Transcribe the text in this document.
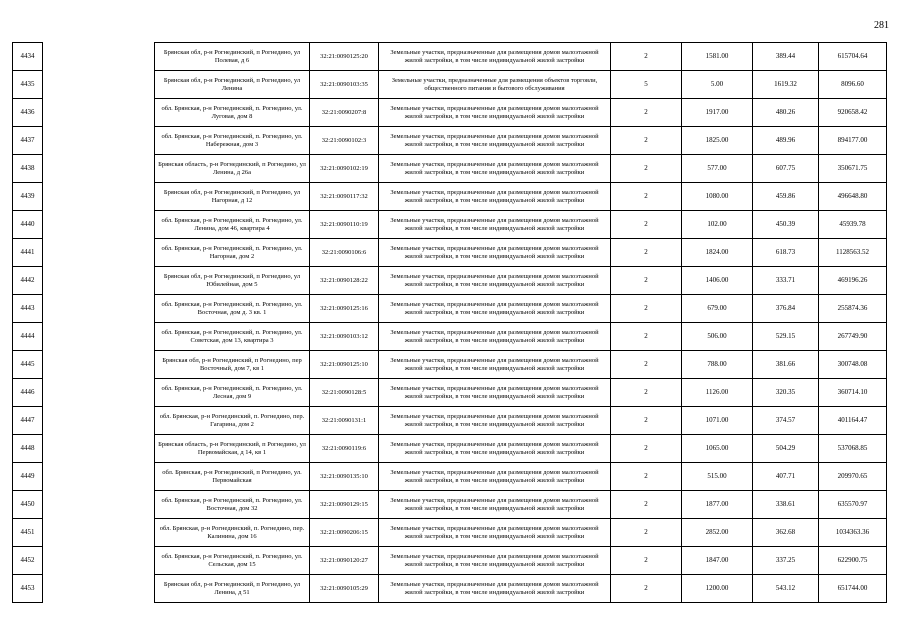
281
4434		Брянская обл, р-н Рогнединский, п Рогнедино, ул Полевая, д 6	32:21:0090125:20	Земельные участки, предназначенные для размещения домов малоэтажной жилой застройки, в том числе индивидуальной жилой застройки	2	1581.00	389.44	615704.64
4435		Брянская обл, р-н Рогнединский, п Рогнедино, ул Ленина	32:21:0090103:35	Земельные участки, предназначенные для размещения объектов торговли, общественного питания и бытового обслуживания	5	5.00	1619.32	8096.60
4436		обл. Брянская, р-н Рогнединский, п. Рогнедино, ул. Луговая, дом 8	32:21:0090207:8	Земельные участки, предназначенные для размещения домов малоэтажной жилой застройки, в том числе индивидуальной жилой застройки	2	1917.00	480.26	920658.42
4437		обл. Брянская, р-н Рогнединский, п. Рогнедино, ул. Набережная, дом 3	32:21:0090102:3	Земельные участки, предназначенные для размещения домов малоэтажной жилой застройки, в том числе индивидуальной жилой застройки	2	1825.00	489.96	894177.00
4438		Брянская область, р-н Рогнединский, п Рогнедино, ул Ленина, д 26а	32:21:0090102:19	Земельные участки, предназначенные для размещения домов малоэтажной жилой застройки, в том числе индивидуальной жилой застройки	2	577.00	607.75	350671.75
4439		Брянская обл, р-н Рогнединский, п Рогнедино, ул Нагорная, д 12	32:21:0090117:32	Земельные участки, предназначенные для размещения домов малоэтажной жилой застройки, в том числе индивидуальной жилой застройки	2	1080.00	459.86	496648.80
4440		обл. Брянская, р-н Рогнединский, п. Рогнедино, ул. Ленина, дом 46, квартира 4	32:21:0090110:19	Земельные участки, предназначенные для размещения домов малоэтажной жилой застройки, в том числе индивидуальной жилой застройки	2	102.00	450.39	45939.78
4441		обл. Брянская, р-н Рогнединский, п. Рогнедино, ул. Нагорная, дом 2	32:21:0090106:6	Земельные участки, предназначенные для размещения домов малоэтажной жилой застройки, в том числе индивидуальной жилой застройки	2	1824.00	618.73	1128563.52
4442		Брянская обл, р-н Рогнединский, п Рогнедино, ул Юбилейная, дом 5	32:21:0090128:22	Земельные участки, предназначенные для размещения домов малоэтажной жилой застройки, в том числе индивидуальной жилой застройки	2	1406.00	333.71	469196.26
4443		обл. Брянская, р-н Рогнединский, п. Рогнедино, ул. Восточная, дом д. 3 кв. 1	32:21:0090125:16	Земельные участки, предназначенные для размещения домов малоэтажной жилой застройки, в том числе индивидуальной жилой застройки	2	679.00	376.84	255874.36
4444		обл. Брянская, р-н Рогнединский, п. Рогнедино, ул. Советская, дом 13, квартира 3	32:21:0090103:12	Земельные участки, предназначенные для размещения домов малоэтажной жилой застройки, в том числе индивидуальной жилой застройки	2	506.00	529.15	267749.90
4445		Брянская обл, р-н Рогнединский, п Рогнедино, пер Восточный, дом 7, кв 1	32:21:0090125:10	Земельные участки, предназначенные для размещения домов малоэтажной жилой застройки, в том числе индивидуальной жилой застройки	2	788.00	381.66	300748.08
4446		обл. Брянская, р-н Рогнединский, п. Рогнедино, ул. Лесная, дом 9	32:21:0090128:5	Земельные участки, предназначенные для размещения домов малоэтажной жилой застройки, в том числе индивидуальной жилой застройки	2	1126.00	320.35	360714.10
4447		обл. Брянская, р-н Рогнединский, п. Рогнедино, пер. Гагарина, дом 2	32:21:0090131:1	Земельные участки, предназначенные для размещения домов малоэтажной жилой застройки, в том числе индивидуальной жилой застройки	2	1071.00	374.57	401164.47
4448		Брянская область, р-н Рогнединский, п Рогнедино, ул Первомайская, д 14, кв 1	32:21:0090119:6	Земельные участки, предназначенные для размещения домов малоэтажной жилой застройки, в том числе индивидуальной жилой застройки	2	1065.00	504.29	537068.85
4449		обл. Брянская, р-н Рогнединский, п Рогнедино, ул. Первомайская	32:21:0090135:10	Земельные участки, предназначенные для размещения домов малоэтажной жилой застройки, в том числе индивидуальной жилой застройки	2	515.00	407.71	209970.65
4450		обл. Брянская, р-н Рогнединский, п. Рогнедино, ул. Восточная, дом 32	32:21:0090129:15	Земельные участки, предназначенные для размещения домов малоэтажной жилой застройки, в том числе индивидуальной жилой застройки	2	1877.00	338.61	635570.97
4451		обл. Брянская, р-н Рогнединский, п. Рогнедино, пер. Калинина, дом 16	32:21:0090206:15	Земельные участки, предназначенные для размещения домов малоэтажной жилой застройки, в том числе индивидуальной жилой застройки	2	2852.00	362.68	1034363.36
4452		обл. Брянская, р-н Рогнединский, п. Рогнедино, ул. Сельская, дом 15	32:21:0090120:27	Земельные участки, предназначенные для размещения домов малоэтажной жилой застройки, в том числе индивидуальной жилой застройки	2	1847.00	337.25	622900.75
4453		Брянская обл, р-н Рогнединский, п Рогнедино, ул Ленина, д 51	32:21:0090105:29	Земельные участки, предназначенные для размещения домов малоэтажной жилой застройки, в том числе индивидуальной жилой застройки	2	1200.00	543.12	651744.00
